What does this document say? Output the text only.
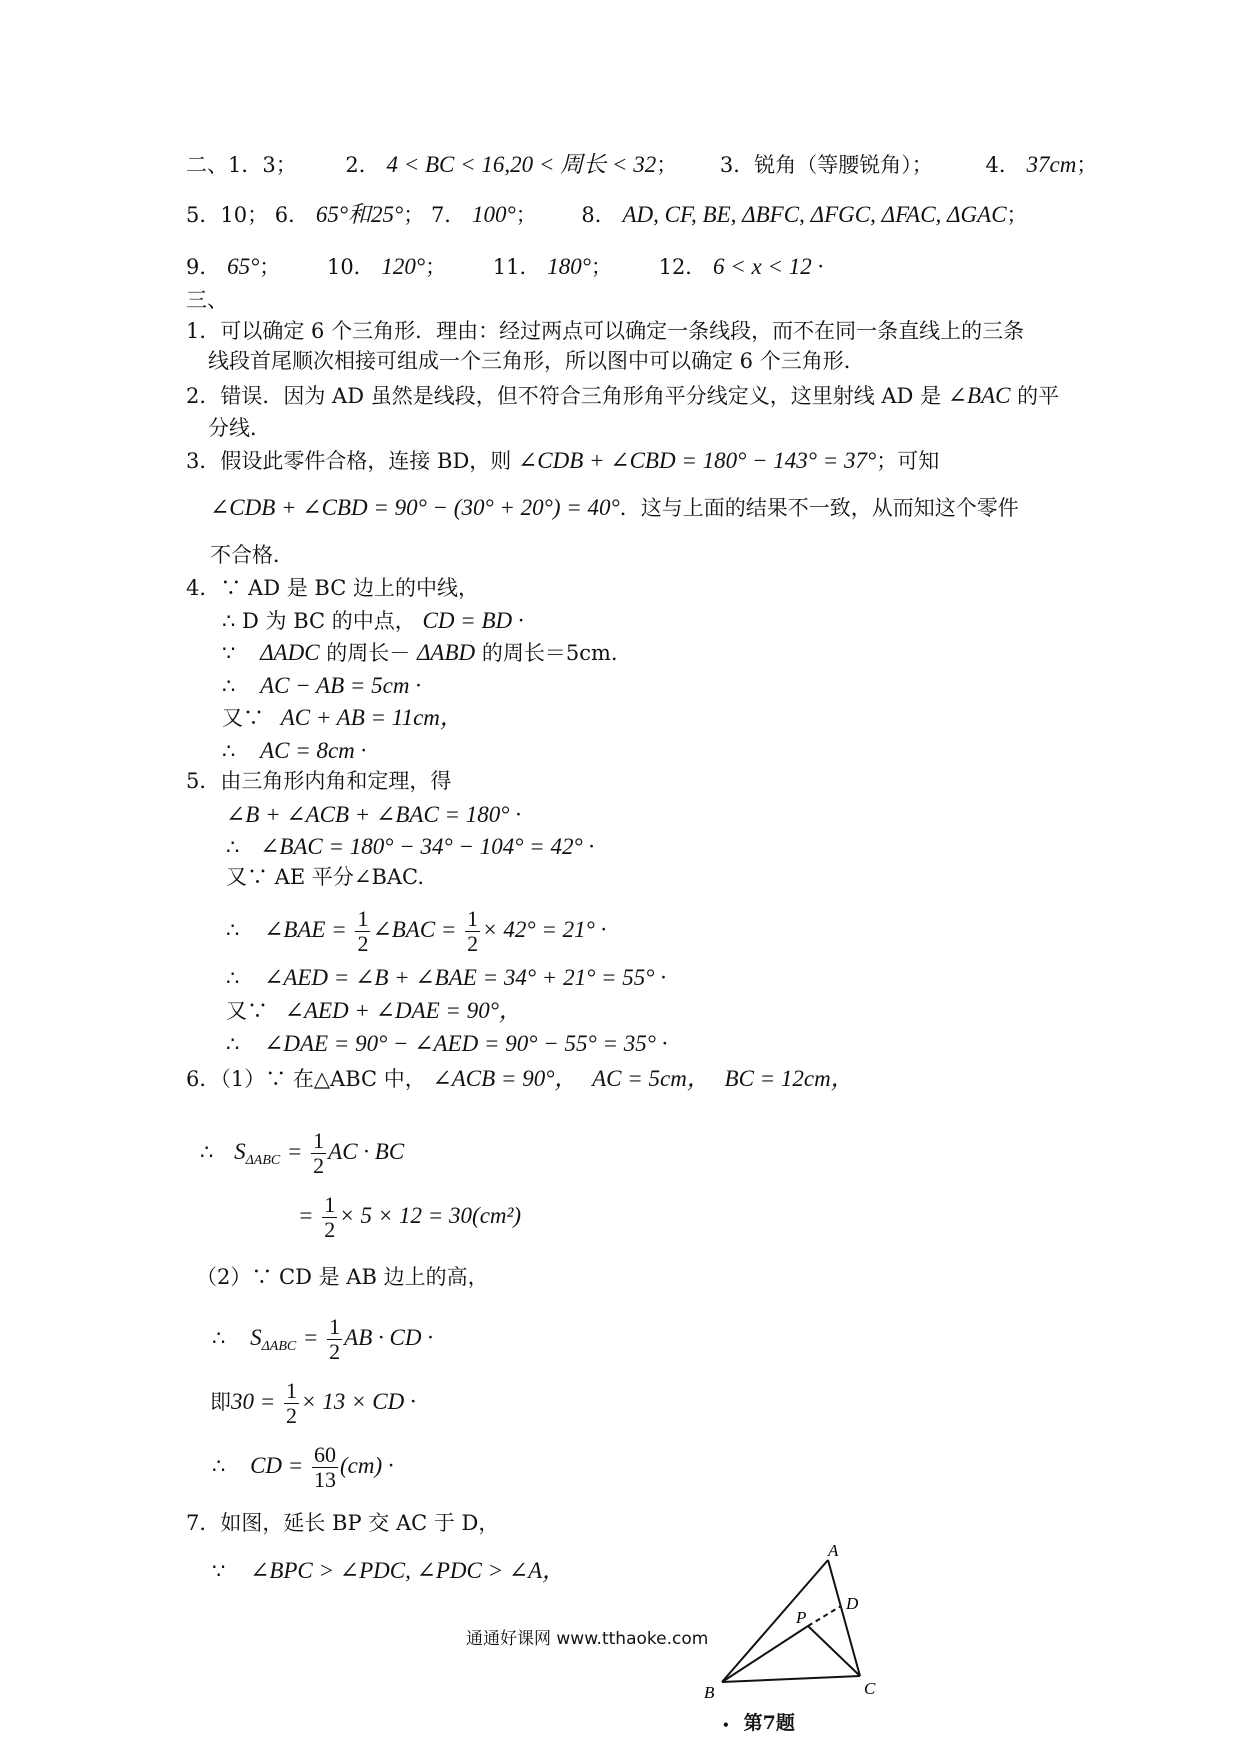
二、1．3； 2． 4 < BC < 16,20 < 周长 < 32； 3．锐角（等腰锐角）；	4． 37cm；
5．10； 6． 65°和25°； 7． 100°； 8． AD, CF, BE, ΔBFC, ΔFGC, ΔFAC, ΔGAC；
9． 65°； 10． 120°； 11． 180°； 12． 6 < x < 12 ·
三、
1．可以确定 6 个三角形．理由：经过两点可以确定一条线段，而不在同一条直线上的三条
线段首尾顺次相接可组成一个三角形，所以图中可以确定 6 个三角形．
2．错误．因为 AD 虽然是线段，但不符合三角形角平分线定义，这里射线 AD 是 ∠BAC 的平
分线．
3．假设此零件合格，连接 BD，则 ∠CDB + ∠CBD = 180° − 143° = 37°；可知
∠CDB + ∠CBD = 90° − (30° + 20°) = 40°．这与上面的结果不一致，从而知这个零件
不合格．
4．∵ AD 是 BC 边上的中线，
∴ D 为 BC 的中点， CD = BD ·
∵ ΔADC 的周长－ ΔABD 的周长＝5cm.
∴ AC − AB = 5cm ·
又∵ AC + AB = 11cm，
∴ AC = 8cm ·
5．由三角形内角和定理，得
∠B + ∠ACB + ∠BAC = 180° ·
∴ ∠BAC = 180° − 34° − 104° = 42° ·
又∵ AE 平分∠BAC.
∴ ∠BAE = $\frac{1}{2}$ ∠BAC = $\frac{1}{2} \times 42^\circ = 21^\circ$ ·
∴ ∠AED = ∠B + ∠BAE = 34° + 21° = 55° ·
又∵ ∠AED + ∠DAE = 90°，
∴ ∠DAE = 90° − ∠AED = 90° − 55° = 35° ·
6．（1）∵ 在△ABC 中， ∠ACB = 90°， AC = 5cm， BC = 12cm，
∴ $S_{\Delta ABC} = \frac{1}{2}$ AC · BC
= $\frac{1}{2} \times 5 \times 12 = 30(cm^2)$
（2）∵ CD 是 AB 边上的高，
∴ $S_{\Delta ABC} = \frac{1}{2}$ AB · CD ·
即$30 = \frac{1}{2} \times 13$ × CD ·
∴ CD = $\frac{60}{13} (cm)$ ·
7．如图，延长 BP 交 AC 于 D，
∵ ∠BPC > ∠PDC, ∠PDC > ∠A，
通通好课网 www.tthaoke.com
A
B	C
D
P
• 第7题
